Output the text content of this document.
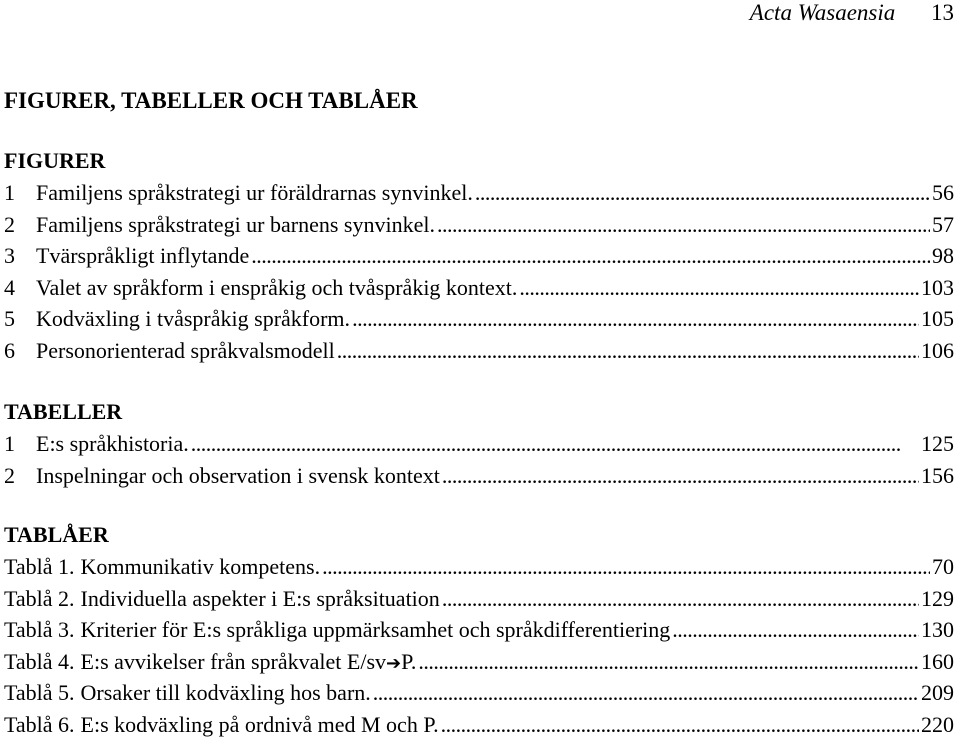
Acta Wasaensia 13
FIGURER, TABELLER OCH TABLÅER
FIGURER
1 Familjens språkstrategi ur föräldrarnas synvinkel. . . .	56
2 Familjens språkstrategi ur barnens synvinkel. . . .	57
3 Tvärspråkligt inflytande . . .	98
4 Valet av språkform i enspråkig och tvåspråkig kontext. . . .	103
5 Kodväxling i tvåspråkig språkform. . . .	105
6 Personorienterad språkvalsmodell . . .	106
TABELLER
1 E:s språkhistoria. . . .	125
2 Inspelningar och observation i svensk kontext . . .	156
TABLÅER
Tablå 1. Kommunikativ kompetens. . . .	70
Tablå 2. Individuella aspekter i E:s språksituation . . .	129
Tablå 3. Kriterier för E:s språkliga uppmärksamhet och språkdifferentiering . . .	130
Tablå 4. E:s avvikelser från språkvalet E/sv➔P. . . .	160
Tablå 5. Orsaker till kodväxling hos barn. . . .	209
Tablå 6. E:s kodväxling på ordnivå med M och P. . . .	220
